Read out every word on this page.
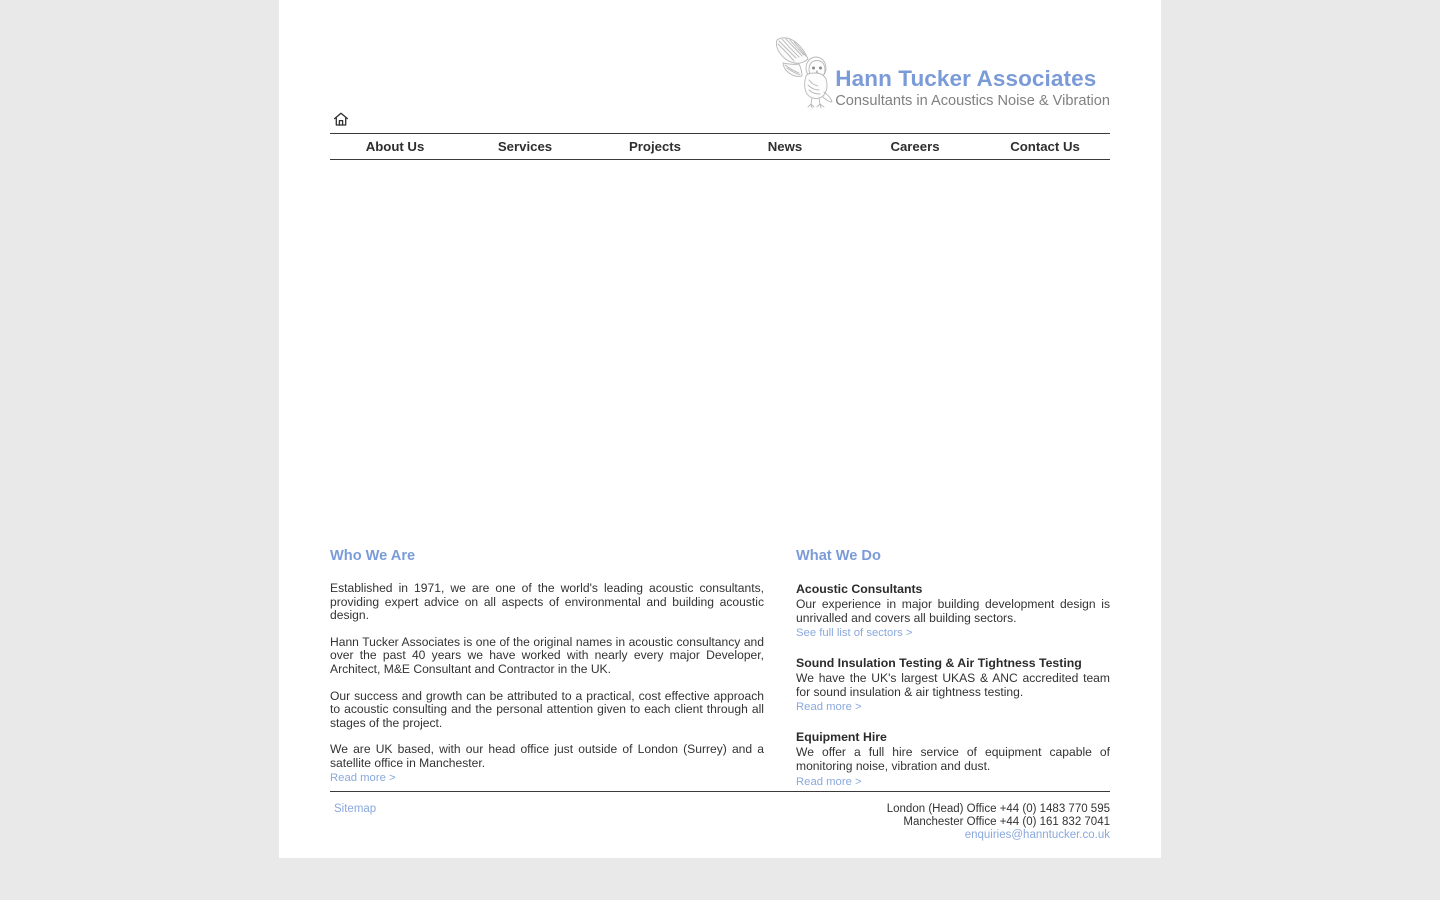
Hann Tucker Associates
Consultants in Acoustics Noise & Vibration
About Us	Services	Projects	News	Careers	Contact Us
Who We Are

Established in 1971, we are one of the world's leading acoustic consultants, providing expert advice on all aspects of environmental and building acoustic design.

Hann Tucker Associates is one of the original names in acoustic consultancy and over the past 40 years we have worked with nearly every major Developer, Architect, M&E Consultant and Contractor in the UK.

Our success and growth can be attributed to a practical, cost effective approach to acoustic consulting and the personal attention given to each client through all stages of the project.

We are UK based, with our head office just outside of London (Surrey) and a satellite office in Manchester.

Read more >
What We Do
Acoustic Consultants
Our experience in major building development design is unrivalled and covers all building sectors.
See full list of sectors >
Sound Insulation Testing & Air Tightness Testing
We have the UK's largest UKAS & ANC accredited team for sound insulation & air tightness testing.
Read more >
Equipment Hire
We offer a full hire service of equipment capable of monitoring noise, vibration and dust.
Read more >
Sitemap	London (Head) Office +44 (0) 1483 770 595
Manchester Office +44 (0) 161 832 7041
enquiries@hanntucker.co.uk
